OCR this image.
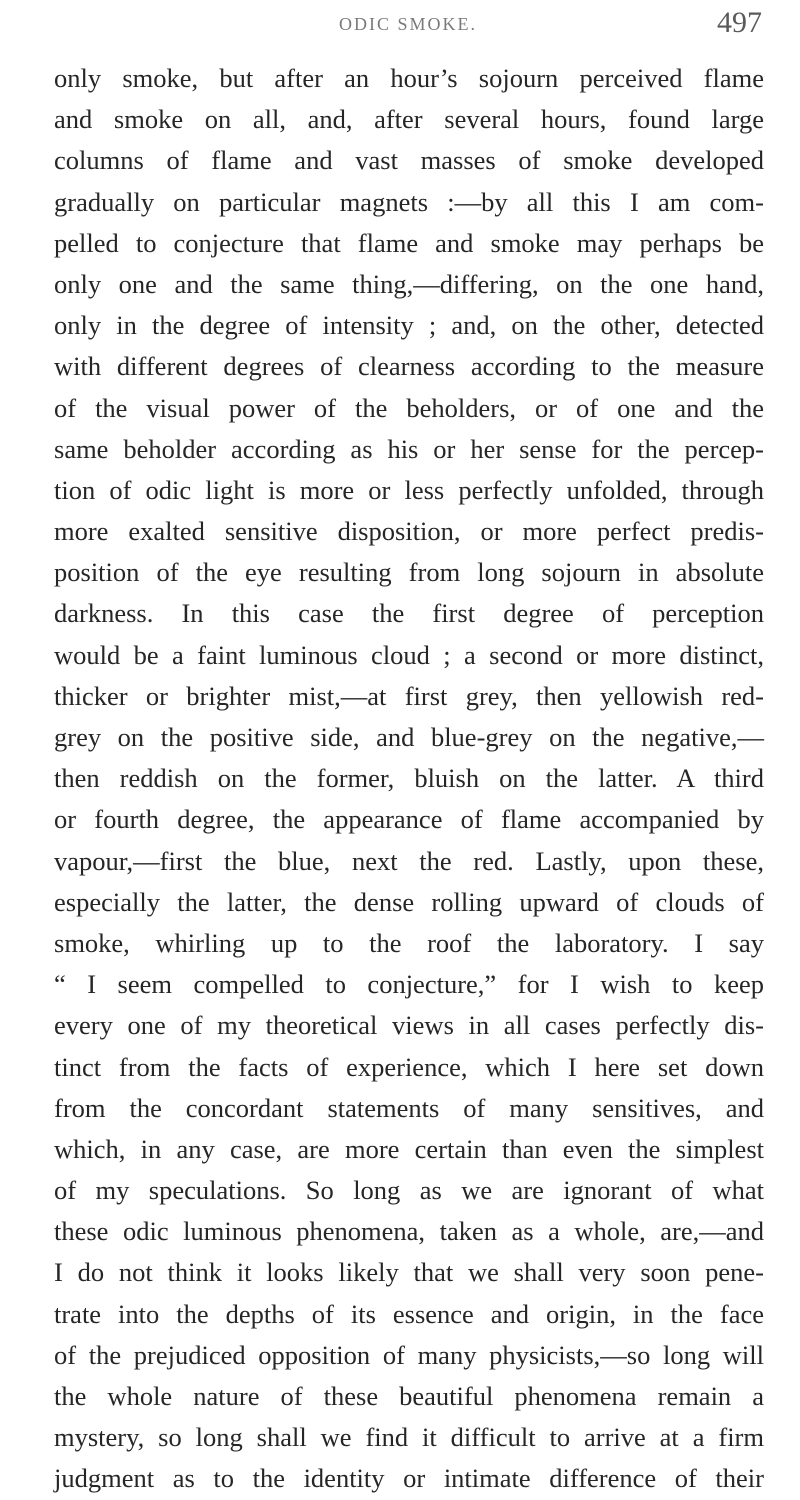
ODIC SMOKE.	497
only smoke, but after an hour’s sojourn perceived flame
and smoke on all, and, after several hours, found large
columns of flame and vast masses of smoke developed
gradually on particular magnets :—by all this I am com-
pelled to conjecture that flame and smoke may perhaps be
only one and the same thing,—differing, on the one hand,
only in the degree of intensity ; and, on the other, detected
with different degrees of clearness according to the measure
of the visual power of the beholders, or of one and the
same beholder according as his or her sense for the percep-
tion of odic light is more or less perfectly unfolded, through
more exalted sensitive disposition, or more perfect predis-
position of the eye resulting from long sojourn in absolute
darkness. In this case the first degree of perception
would be a faint luminous cloud ; a second or more distinct,
thicker or brighter mist,—at first grey, then yellowish red-
grey on the positive side, and blue-grey on the negative,—
then reddish on the former, bluish on the latter. A third
or fourth degree, the appearance of flame accompanied by
vapour,—first the blue, next the red. Lastly, upon these,
especially the latter, the dense rolling upward of clouds of
smoke, whirling up to the roof the laboratory. I say
“ I seem compelled to conjecture,” for I wish to keep
every one of my theoretical views in all cases perfectly dis-
tinct from the facts of experience, which I here set down
from the concordant statements of many sensitives, and
which, in any case, are more certain than even the simplest
of my speculations. So long as we are ignorant of what
these odic luminous phenomena, taken as a whole, are,—and
I do not think it looks likely that we shall very soon pene-
trate into the depths of its essence and origin, in the face
of the prejudiced opposition of many physicists,—so long will
the whole nature of these beautiful phenomena remain a
mystery, so long shall we find it difficult to arrive at a firm
judgment as to the identity or intimate difference of their
